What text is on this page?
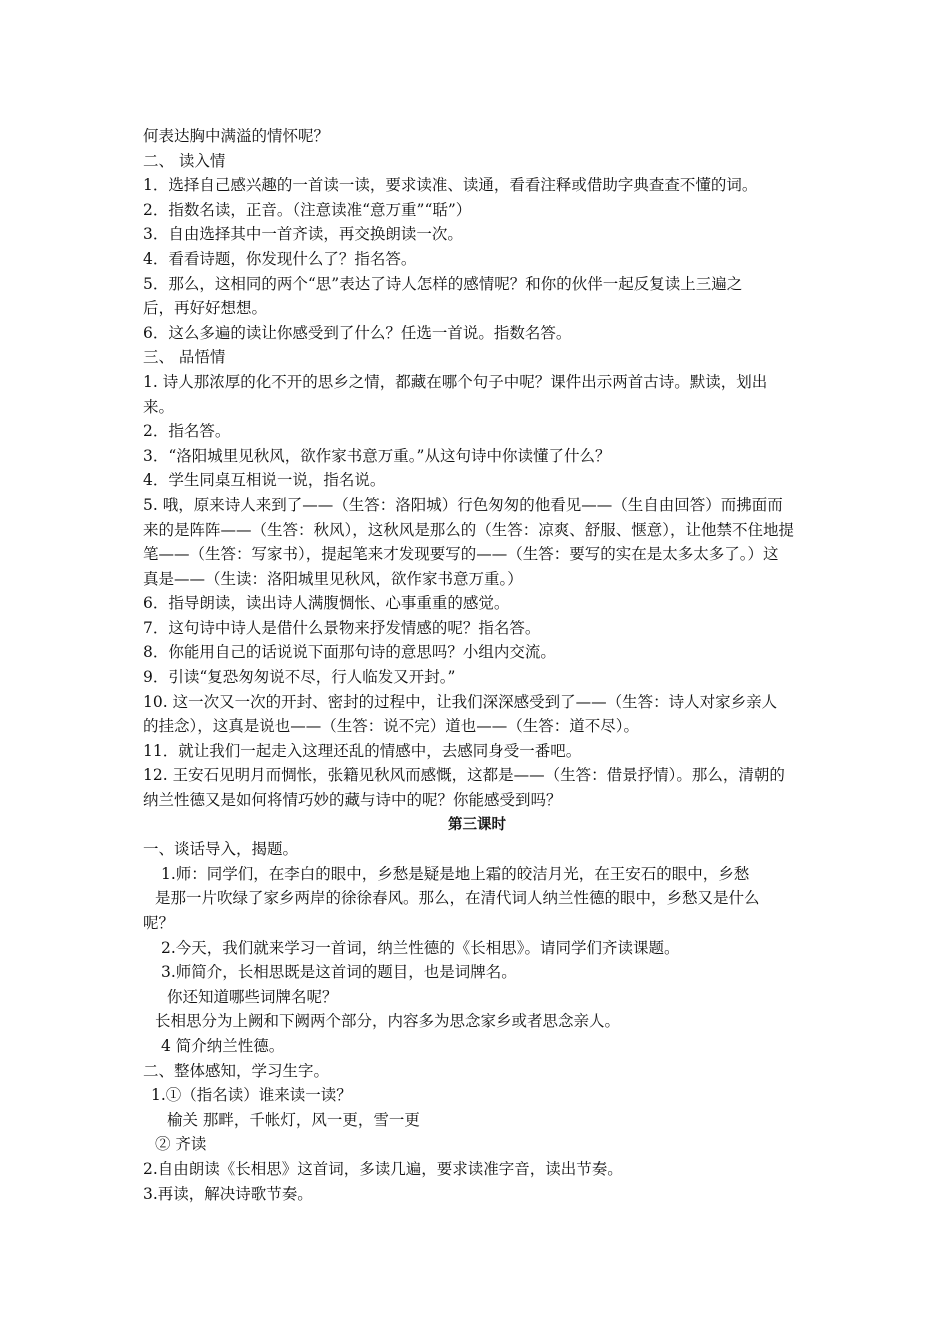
何表达胸中满溢的情怀呢？
二、 读入情
1．选择自己感兴趣的一首读一读，要求读准、读通，看看注释或借助字典查查不懂的词。
2．指数名读，正音。（注意读准“意万重”“聒”）
3．自由选择其中一首齐读，再交换朗读一次。
4．看看诗题，你发现什么了？指名答。
5．那么，这相同的两个“思”表达了诗人怎样的感情呢？和你的伙伴一起反复读上三遍之
后，再好好想想。
6．这么多遍的读让你感受到了什么？任选一首说。指数名答。
三、 品悟情
1. 诗人那浓厚的化不开的思乡之情，都藏在哪个句子中呢？课件出示两首古诗。默读，划出
来。
2．指名答。
3．“洛阳城里见秋风，欲作家书意万重。”从这句诗中你读懂了什么？
4．学生同桌互相说一说，指名说。
5. 哦，原来诗人来到了——（生答：洛阳城）行色匆匆的他看见——（生自由回答）而拂面而
来的是阵阵——（生答：秋风），这秋风是那么的（生答：凉爽、舒服、惬意），让他禁不住地提
笔——（生答：写家书），提起笔来才发现要写的——（生答：要写的实在是太多太多了。）这
真是——（生读：洛阳城里见秋风，欲作家书意万重。）
6．指导朗读，读出诗人满腹惆怅、心事重重的感觉。
7．这句诗中诗人是借什么景物来抒发情感的呢？指名答。
8．你能用自己的话说说下面那句诗的意思吗？小组内交流。
9．引读“复恐匆匆说不尽，行人临发又开封。”
10. 这一次又一次的开封、密封的过程中，让我们深深感受到了——（生答：诗人对家乡亲人
的挂念），这真是说也——（生答：说不完）道也——（生答：道不尽）。
11．就让我们一起走入这理还乱的情感中，去感同身受一番吧。
12. 王安石见明月而惆怅，张籍见秋风而感慨，这都是——（生答：借景抒情）。那么，清朝的
纳兰性德又是如何将情巧妙的藏与诗中的呢？你能感受到吗？
第三课时
一、谈话导入，揭题。
1.师：同学们，在李白的眼中，乡愁是疑是地上霜的皎洁月光，在王安石的眼中，乡愁
是那一片吹绿了家乡两岸的徐徐春风。那么，在清代词人纳兰性德的眼中，乡愁又是什么
呢？
2.今天，我们就来学习一首词，纳兰性德的《长相思》。请同学们齐读课题。
3.师简介，长相思既是这首词的题目，也是词牌名。
你还知道哪些词牌名呢？
长相思分为上阙和下阙两个部分，内容多为思念家乡或者思念亲人。
4 简介纳兰性德。
二、整体感知，学习生字。
1.①（指名读）谁来读一读？
榆关 那畔，千帐灯，风一更，雪一更
② 齐读
2.自由朗读《长相思》这首词，多读几遍，要求读准字音，读出节奏。
3.再读，解决诗歌节奏。
